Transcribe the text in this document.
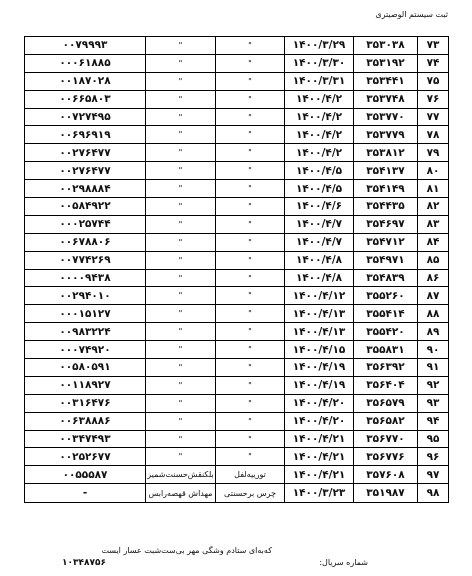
ثبت سیستم الوصیتری
۷۳	۳۵۳۰۳۸	۱۴۰۰/۳/۲۹	"	"	۰۰۷۹۹۹۳
۷۴	۳۵۳۱۹۲	۱۴۰۰/۳/۳۰	"	"	۰۰۰۶۱۸۸۵
۷۵	۳۵۳۴۴۱	۱۴۰۰/۳/۳۱	"	"	۰۰۱۸۷۰۲۸
۷۶	۳۵۳۷۴۸	۱۴۰۰/۴/۲	"	"	۰۰۶۶۵۸۰۳
۷۷	۳۵۳۷۷۰	۱۴۰۰/۴/۲	"	"	۰۰۷۲۷۴۹۵
۷۸	۳۵۳۷۷۹	۱۴۰۰/۴/۲	"	"	۰۰۶۹۶۹۱۹
۷۹	۳۵۳۸۱۲	۱۴۰۰/۴/۲	"	"	۰۰۲۷۶۴۷۷
۸۰	۳۵۴۱۳۷	۱۴۰۰/۴/۵	"	"	۰۰۲۷۶۴۷۷
۸۱	۳۵۴۱۴۹	۱۴۰۰/۴/۵	"	"	۰۰۲۹۸۸۸۴
۸۲	۳۵۴۴۳۵	۱۴۰۰/۴/۶	"	"	۰۰۵۸۴۹۲۲
۸۳	۳۵۴۶۹۷	۱۴۰۰/۴/۷	"	"	۰۰۰۲۵۷۴۴
۸۴	۳۵۴۷۱۲	۱۴۰۰/۴/۷	"	"	۰۰۶۷۸۸۰۶
۸۵	۳۵۴۹۷۱	۱۴۰۰/۴/۸	"	"	۰۰۷۷۴۲۶۹
۸۶	۳۵۴۸۳۹	۱۴۰۰/۴/۸	"	"	۰۰۰۰۹۴۳۸
۸۷	۳۵۵۲۶۰	۱۴۰۰/۴/۱۲	"	"	۰۰۲۹۴۰۱۰
۸۸	۳۵۵۴۱۴	۱۴۰۰/۴/۱۳	"	"	۰۰۰۱۵۱۲۷
۸۹	۳۵۵۴۲۰	۱۴۰۰/۴/۱۳	"	"	۰۰۹۸۳۲۲۴
۹۰	۳۵۵۸۳۱	۱۴۰۰/۴/۱۵	"	"	۰۰۰۷۴۹۲۰
۹۱	۳۵۶۳۹۲	۱۴۰۰/۴/۱۹	"	"	۰۰۵۸۰۵۹۱
۹۲	۳۵۶۴۰۴	۱۴۰۰/۴/۱۹	"	"	۰۰۱۱۸۹۲۷
۹۳	۳۵۶۵۷۹	۱۴۰۰/۴/۲۰	"	"	۰۰۳۱۶۴۷۶
۹۴	۳۵۶۵۸۲	۱۴۰۰/۴/۲۰	"	"	۰۰۶۳۸۸۸۶
۹۵	۳۵۶۷۷۰	۱۴۰۰/۴/۲۱	"	"	۰۰۳۴۷۴۹۳
۹۶	۳۵۶۷۷۶	۱۴۰۰/۴/۲۱	"	"	۰۰۲۵۲۶۷۷
۹۷	۳۵۷۶۰۸	۱۴۰۰/۴/۲۱	تورییه‌لفل	بلکنقش‌حسنت‌شمیز	۰۰۵۵۵۸۷
۹۸	۳۵۱۹۸۷	۱۴۰۰/۳/۲۳	چرس برحسنتی	مهداش قهصه‌رابس	-
که‌به‌ای ستادم و‌شگی مهر بی‌ست‌شبت عسار ایست
شماره سریال:
۱۰۳۴۸۷۵۶
